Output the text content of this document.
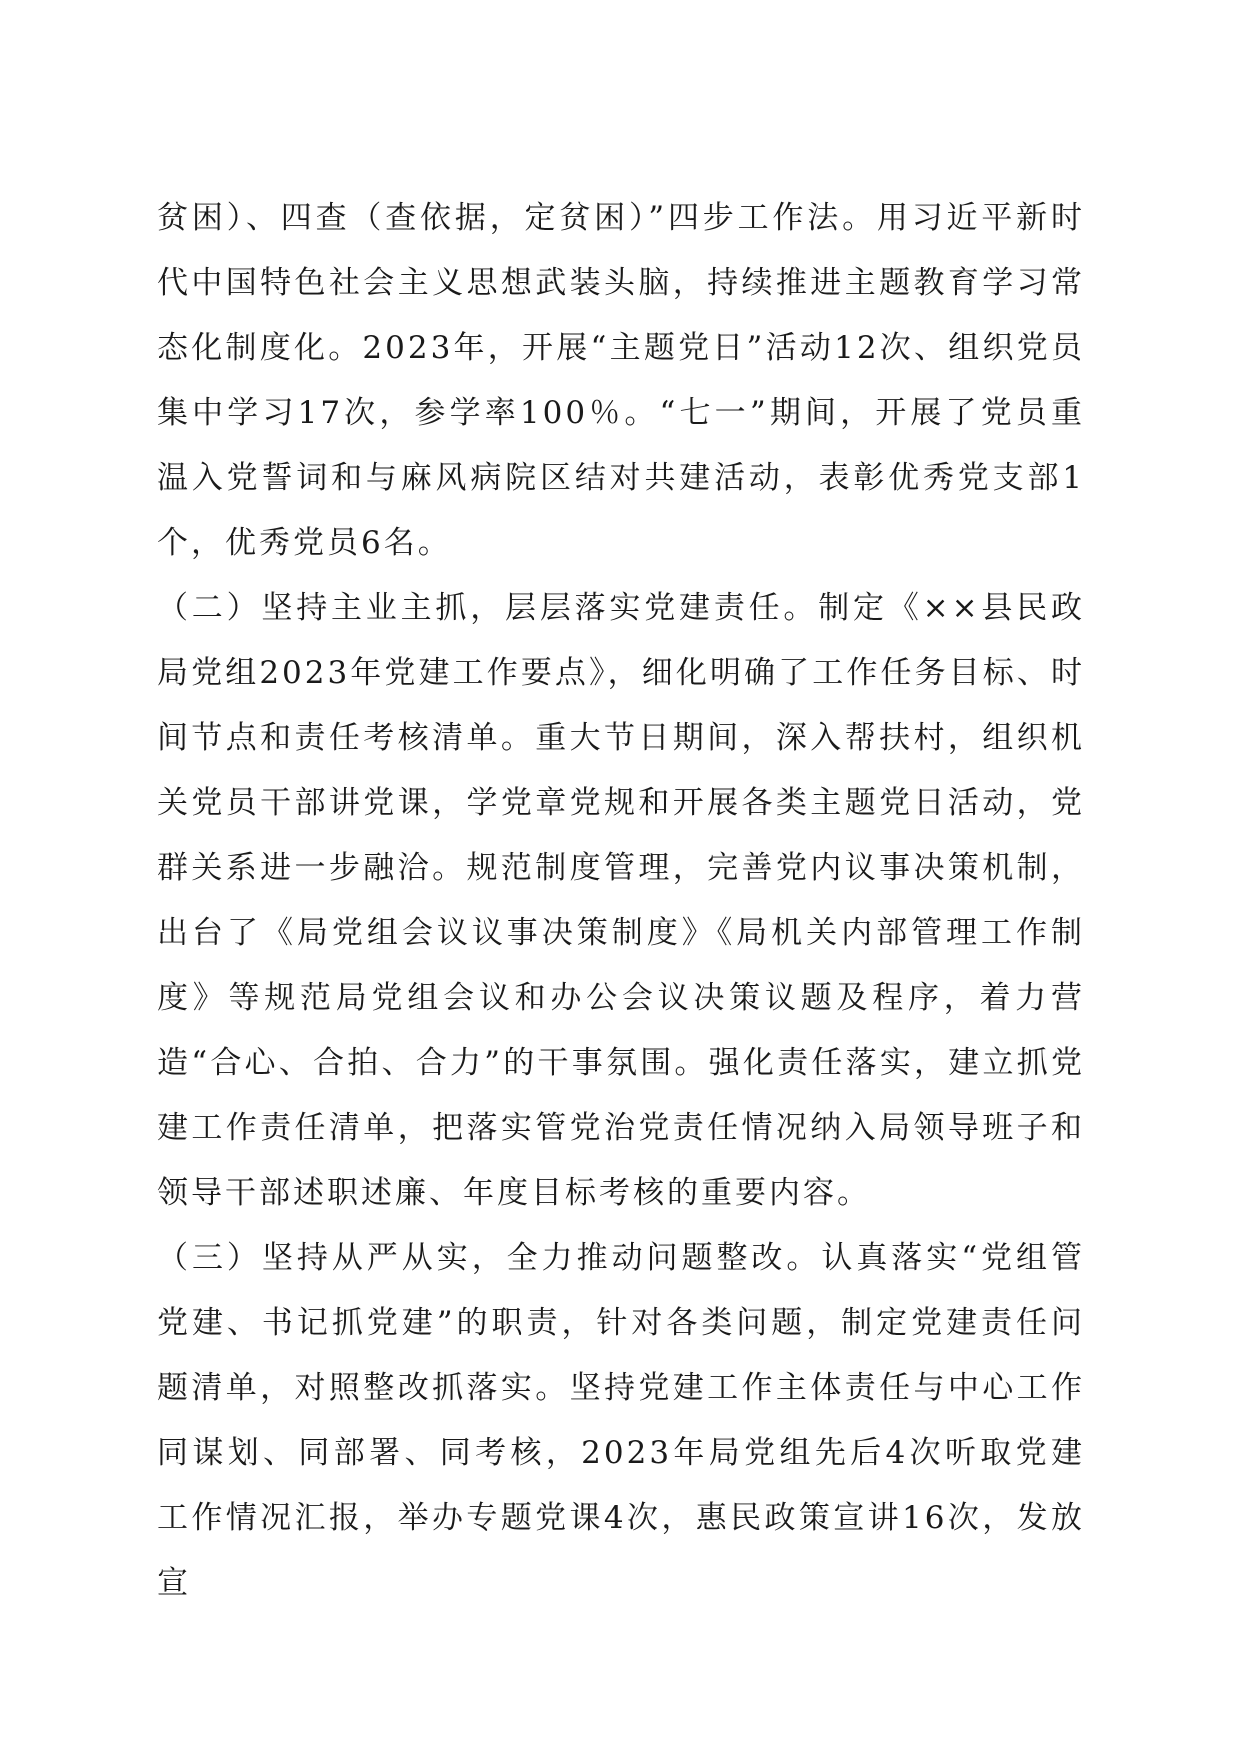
贫困）、四查（查依据，定贫困）”四步工作法。用习近平新时代中国特色社会主义思想武装头脑，持续推进主题教育学习常态化制度化。2023年，开展“主题党日”活动12次、组织党员集中学习17次，参学率100％。“七一”期间，开展了党员重温入党誓词和与麻风病院区结对共建活动，表彰优秀党支部1个，优秀党员6名。

（二）坚持主业主抓，层层落实党建责任。制定《××县民政局党组2023年党建工作要点》，细化明确了工作任务目标、时间节点和责任考核清单。重大节日期间，深入帮扶村，组织机关党员干部讲党课，学党章党规和开展各类主题党日活动，党群关系进一步融洽。规范制度管理，完善党内议事决策机制，出台了《局党组会议议事决策制度》《局机关内部管理工作制度》等规范局党组会议和办公会议决策议题及程序，着力营造“合心、合拍、合力”的干事氛围。强化责任落实，建立抓党建工作责任清单，把落实管党治党责任情况纳入局领导班子和领导干部述职述廉、年度目标考核的重要内容。

（三）坚持从严从实，全力推动问题整改。认真落实“党组管党建、书记抓党建”的职责，针对各类问题，制定党建责任问题清单，对照整改抓落实。坚持党建工作主体责任与中心工作同谋划、同部署、同考核，2023年局党组先后4次听取党建工作情况汇报，举办专题党课4次，惠民政策宣讲16次，发放宣
